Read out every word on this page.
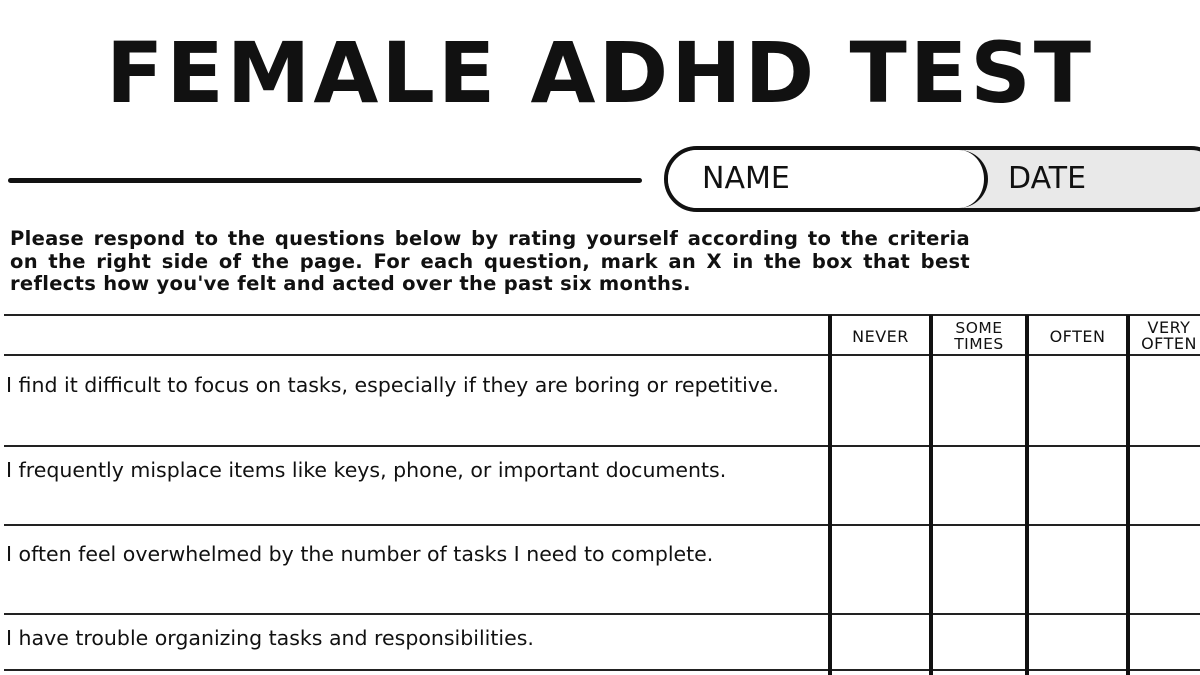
FEMALE ADHD TEST
NAME	DATE
Please respond to the questions below by rating yourself according to the criteria on the right side of the page. For each question, mark an X in the box that best reflects how you've felt and acted over the past six months.
NEVER	SOME TIMES	OFTEN	VERY OFTEN
I find it difficult to focus on tasks, especially if they are boring or repetitive.
I frequently misplace items like keys, phone, or important documents.
I often feel overwhelmed by the number of tasks I need to complete.
I have trouble organizing tasks and responsibilities.
